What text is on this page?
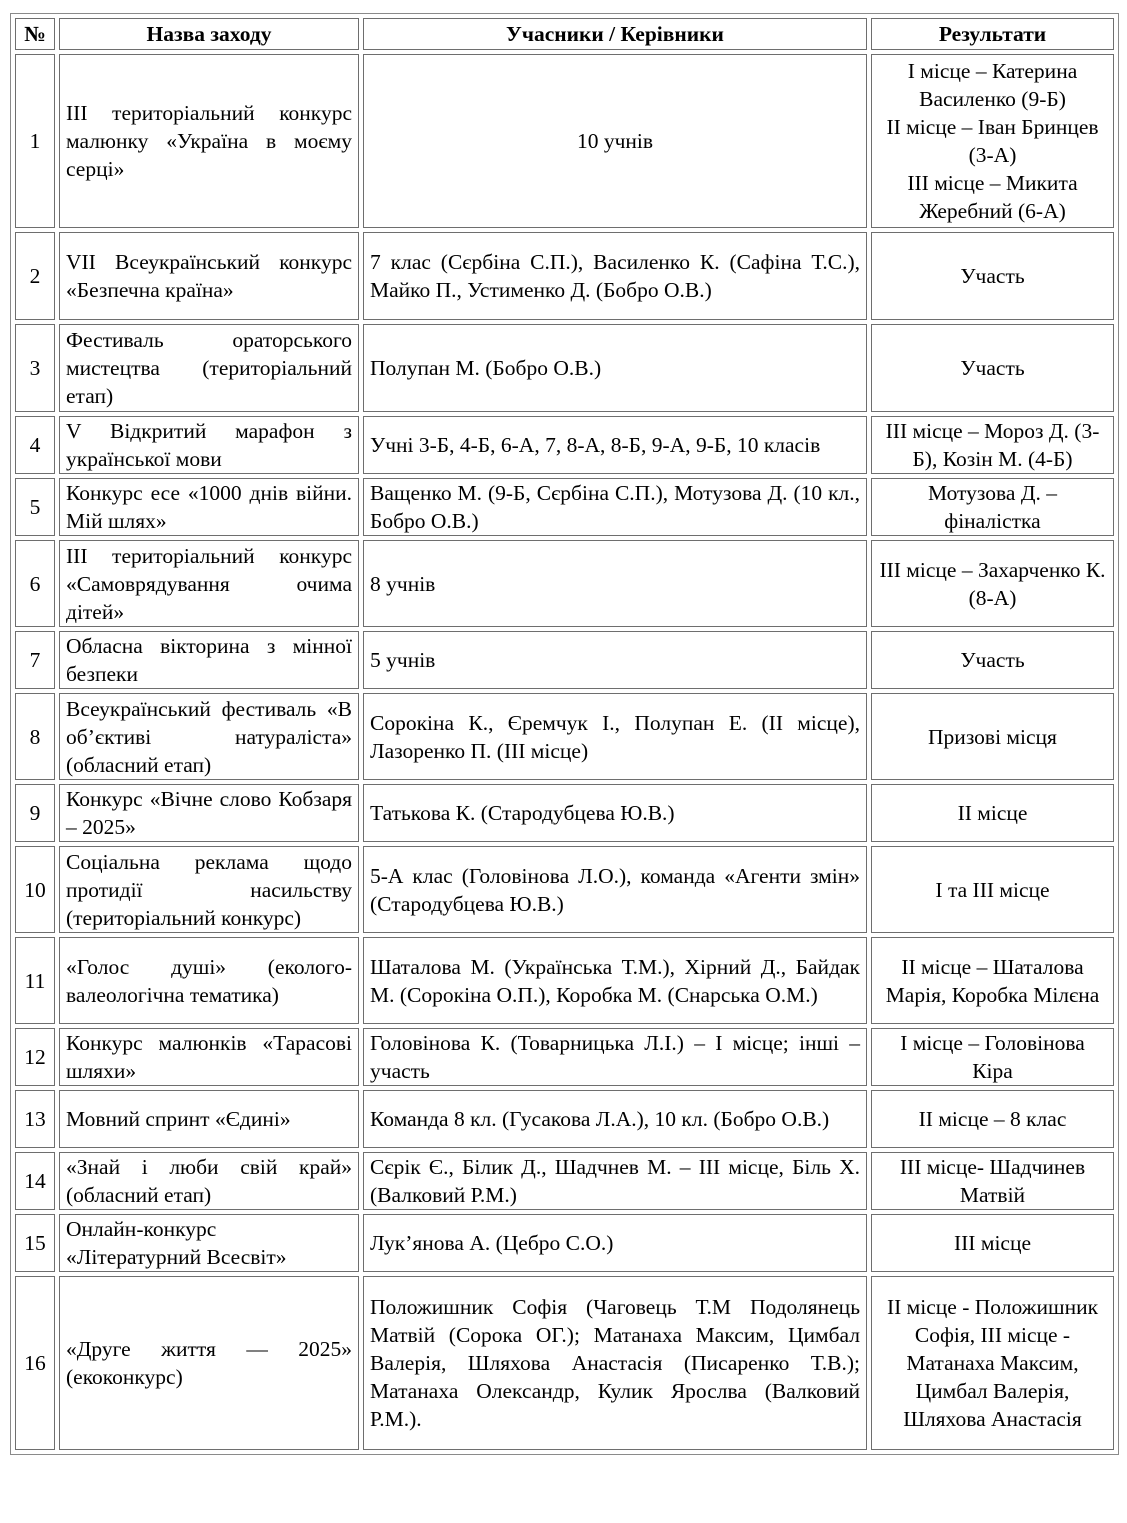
№	Назва заходу	Учасники / Керівники	Результати
1	ІІІ територіальний конкурс малюнку «Україна в моєму серці»	10 учнів	І місце – Катерина Василенко (9-Б)
ІІ місце – Іван Бринцев (3-А)
ІІІ місце – Микита Жеребний (6-А)

2	VII Всеукраїнський конкурс «Безпечна країна»	7 клас (Сєрбіна С.П.), Василенко К. (Сафіна Т.С.), Майко П., Устименко Д. (Бобро О.В.)	Участь

3	Фестиваль ораторського мистецтва (територіальний етап)	Полупан М. (Бобро О.В.)	Участь

4	V Відкритий марафон з української мови	Учні 3-Б, 4-Б, 6-А, 7, 8-А, 8-Б, 9-А, 9-Б, 10 класів	ІІІ місце – Мороз Д. (3-Б), Козін М. (4-Б)

5	Конкурс есе «1000 днів війни. Мій шлях»	Ващенко М. (9-Б, Сєрбіна С.П.), Мотузова Д. (10 кл., Бобро О.В.)	Мотузова Д. – фіналістка

6	ІІІ територіальний конкурс «Самоврядування очима дітей»	8 учнів	ІІІ місце – Захарченко К.
(8-А)

7	Обласна вікторина з мінної безпеки	5 учнів	Участь

8	Всеукраїнський фестиваль «В об’єктиві натураліста» (обласний етап)	Сорокіна К., Єремчук І., Полупан Е. (ІІ місце), Лазоренко П. (ІІІ місце)	Призові місця

9	Конкурс «Вічне слово Кобзаря – 2025»	Татькова К. (Стародубцева Ю.В.)	ІІ місце

10	Соціальна реклама щодо протидії насильству (територіальний конкурс)	5-А клас (Головінова Л.О.), команда «Агенти змін» (Стародубцева Ю.В.)	І та ІІІ місце

11	«Голос душі» (еколого-валеологічна тематика)	Шаталова М. (Українська Т.М.), Хірний Д., Байдак М. (Сорокіна О.П.), Коробка М. (Снарська О.М.)	ІІ місце – Шаталова Марія, Коробка Мілєна

12	Конкурс малюнків «Тарасові шляхи»	Головінова К. (Товарницька Л.І.) – І місце; інші – участь	І місце – Головінова Кіра

13	Мовний спринт «Єдині»	Команда 8 кл. (Гусакова Л.А.), 10 кл. (Бобро О.В.)	ІІ місце – 8 клас

14	«Знай і люби свій край» (обласний етап)	Сєрік Є., Білик Д., Шадчнев М. – ІІІ місце, Біль Х. (Валковий Р.М.)	ІІІ місце- Шадчинев Матвій

15	Онлайн-конкурс «Літературний Всесвіт»	Лук’янова А. (Цебро С.О.)	ІІІ місце

16	«Друге життя — 2025» (екоконкурс)	Положишник Софія (Чаговець Т.М Подолянець Матвій (Сорока ОГ.); Матанаха Максим, Цимбал Валерія, Шляхова Анастасія (Писаренко Т.В.); Матанаха Олександр, Кулик Ярослва (Валковий Р.М.).	ІІ місце - Положишник Софія, ІІІ місце - Матанаха Максим, Цимбал Валерія, Шляхова Анастасія
